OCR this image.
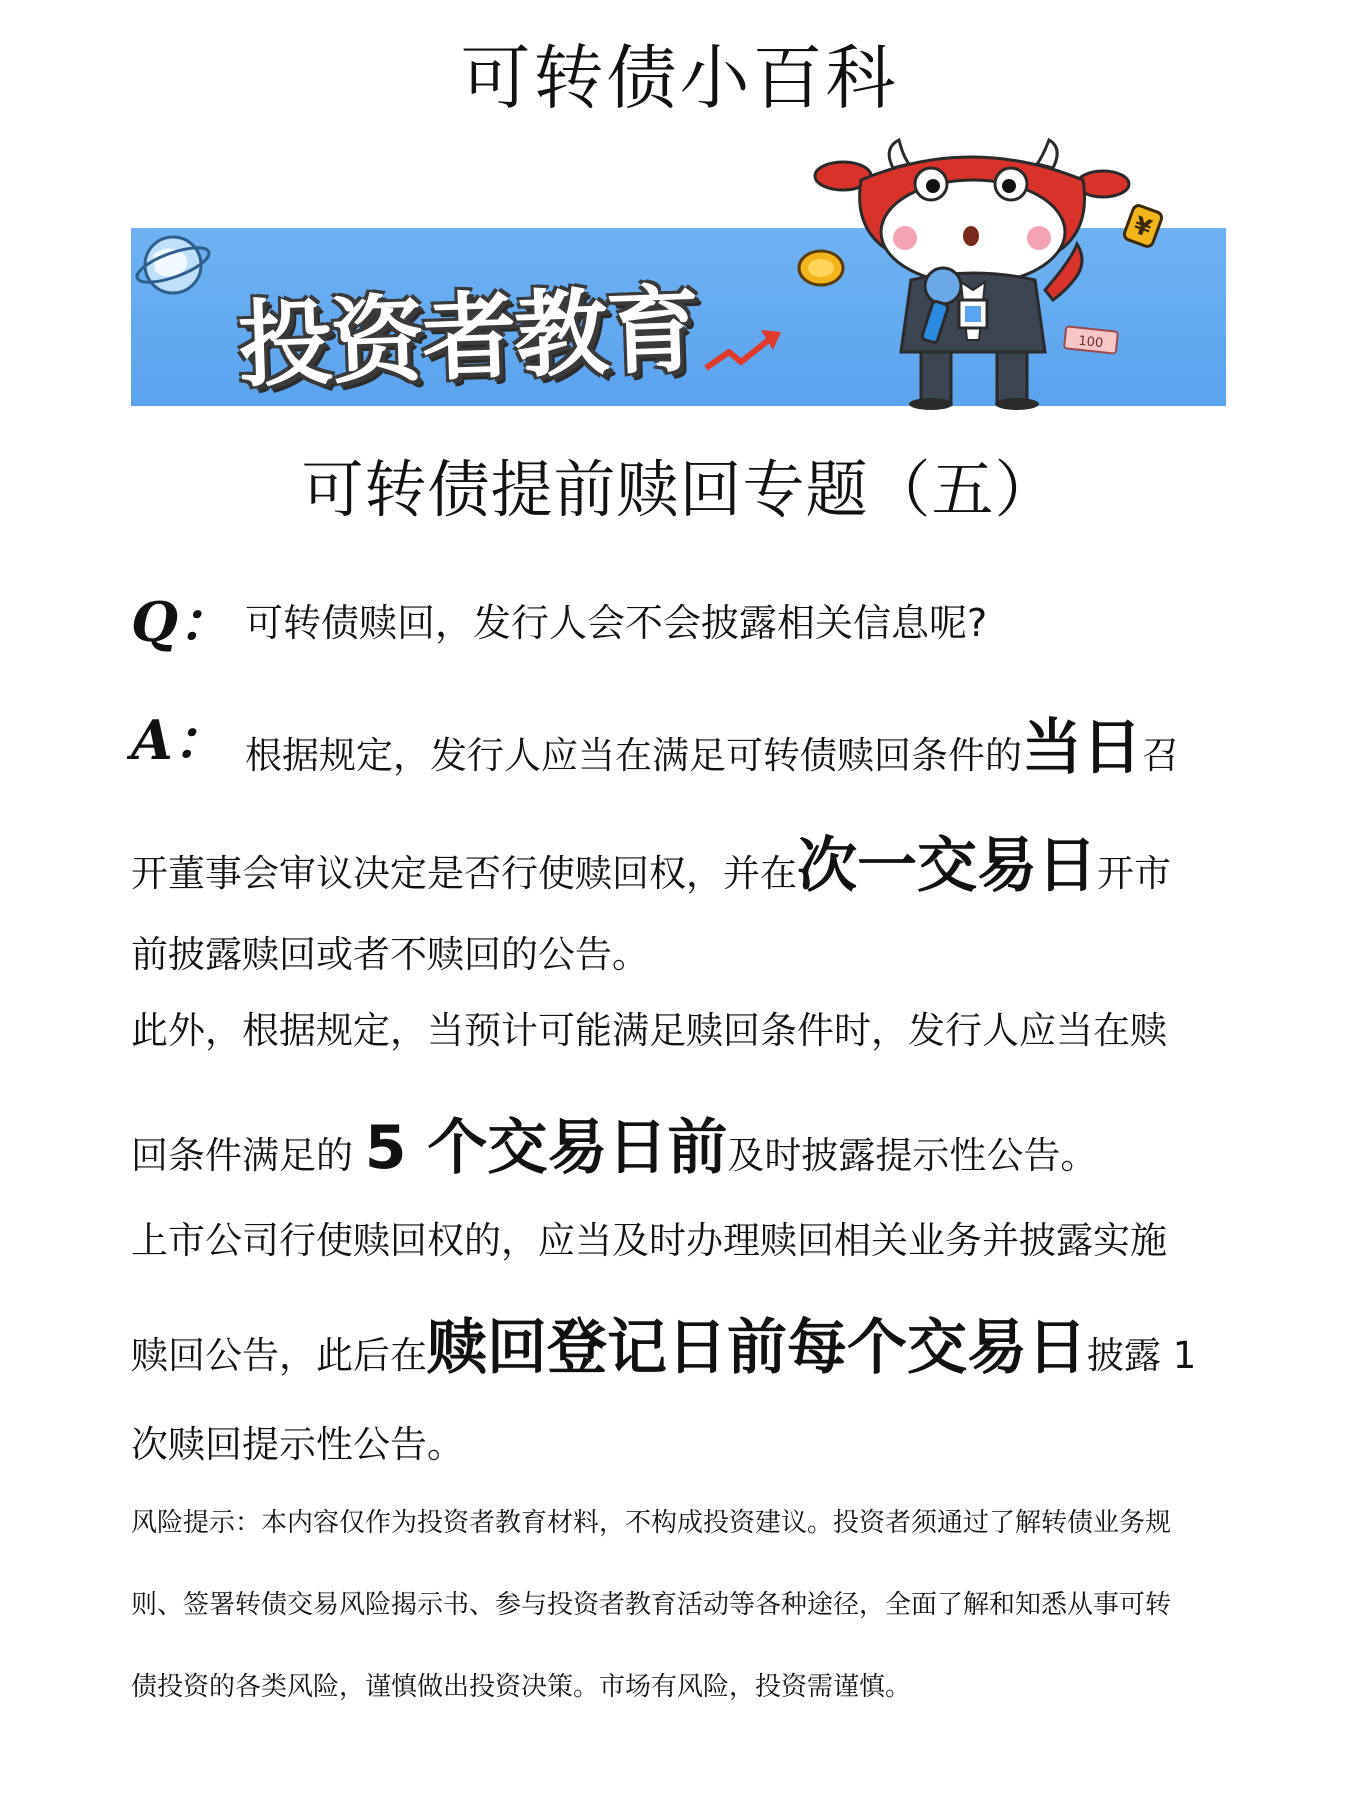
可转债小百科
¥
100
投资者教育
可转债提前赎回专题（五）
Q： 可转债赎回，发行人会不会披露相关信息呢?
A： 根据规定，发行人应当在满足可转债赎回条件的当日召
开董事会审议决定是否行使赎回权，并在次一交易日开市
前披露赎回或者不赎回的公告。
此外，根据规定，当预计可能满足赎回条件时，发行人应当在赎
回条件满足的 5 个交易日前及时披露提示性公告。
上市公司行使赎回权的，应当及时办理赎回相关业务并披露实施
赎回公告，此后在赎回登记日前每个交易日披露 1
次赎回提示性公告。
风险提示：本内容仅作为投资者教育材料，不构成投资建议。投资者须通过了解转债业务规
则、签署转债交易风险揭示书、参与投资者教育活动等各种途径，全面了解和知悉从事可转
债投资的各类风险，谨慎做出投资决策。市场有风险，投资需谨慎。
